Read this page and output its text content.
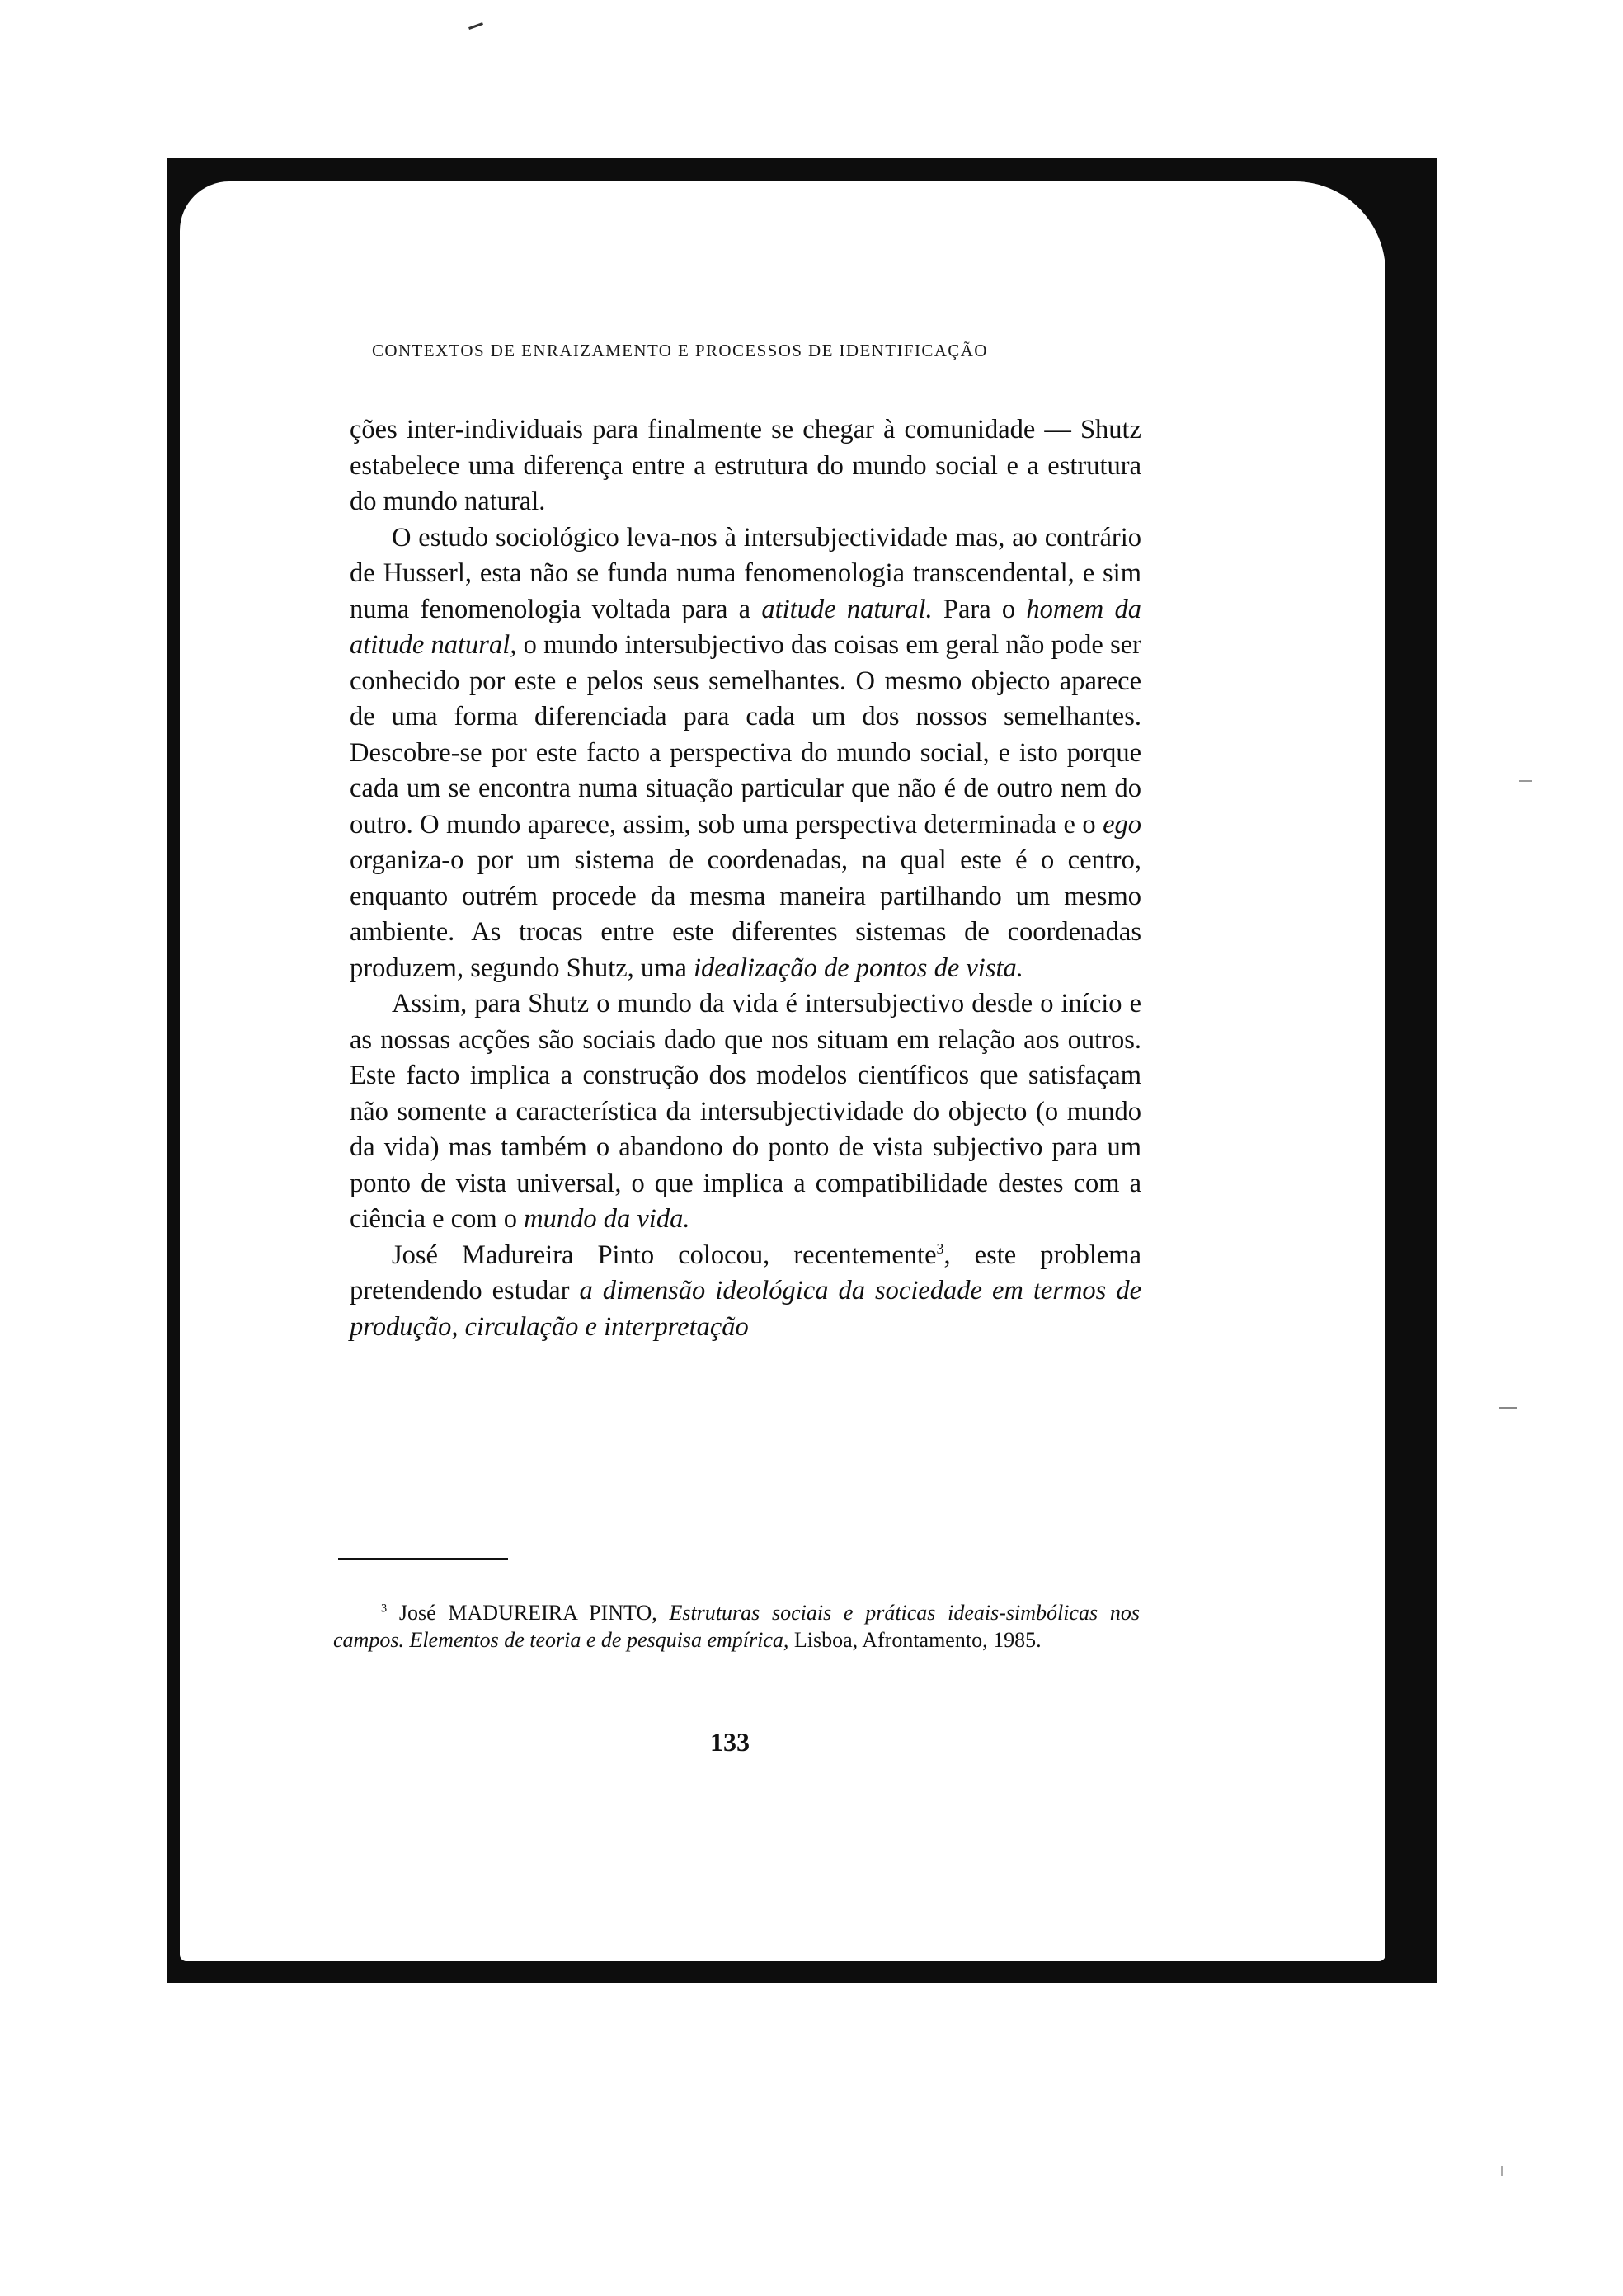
CONTEXTOS DE ENRAIZAMENTO E PROCESSOS DE IDENTIFICAÇÃO

ções inter-individuais para finalmente se chegar à comunidade — Shutz estabelece uma diferença entre a estrutura do mundo social e a estrutura do mundo natural.

O estudo sociológico leva-nos à intersubjectividade mas, ao contrário de Husserl, esta não se funda numa fenomenologia transcendental, e sim numa fenomenologia voltada para a atitude natural. Para o homem da atitude natural, o mundo intersubjectivo das coisas em geral não pode ser conhecido por este e pelos seus semelhantes. O mesmo objecto aparece de uma forma diferenciada para cada um dos nossos semelhantes. Descobre-se por este facto a perspectiva do mundo social, e isto porque cada um se encontra numa situação particular que não é de outro nem do outro. O mundo aparece, assim, sob uma perspectiva determinada e o ego organiza-o por um sistema de coordenadas, na qual este é o centro, enquanto outrém procede da mesma maneira partilhando um mesmo ambiente. As trocas entre este diferentes sistemas de coordenadas produzem, segundo Shutz, uma idealização de pontos de vista.

Assim, para Shutz o mundo da vida é intersubjectivo desde o início e as nossas acções são sociais dado que nos situam em relação aos outros. Este facto implica a construção dos modelos científicos que satisfaçam não somente a característica da intersubjectividade do objecto (o mundo da vida) mas também o abandono do ponto de vista subjectivo para um ponto de vista universal, o que implica a compatibilidade destes com a ciência e com o mundo da vida.

José Madureira Pinto colocou, recentemente$^3$, este problema pretendendo estudar a dimensão ideológica da sociedade em termos de produção, circulação e interpretação

$^3$ José MADUREIRA PINTO, Estruturas sociais e práticas ideais-simbólicas nos campos. Elementos de teoria e de pesquisa empírica, Lisboa, Afrontamento, 1985.
133
